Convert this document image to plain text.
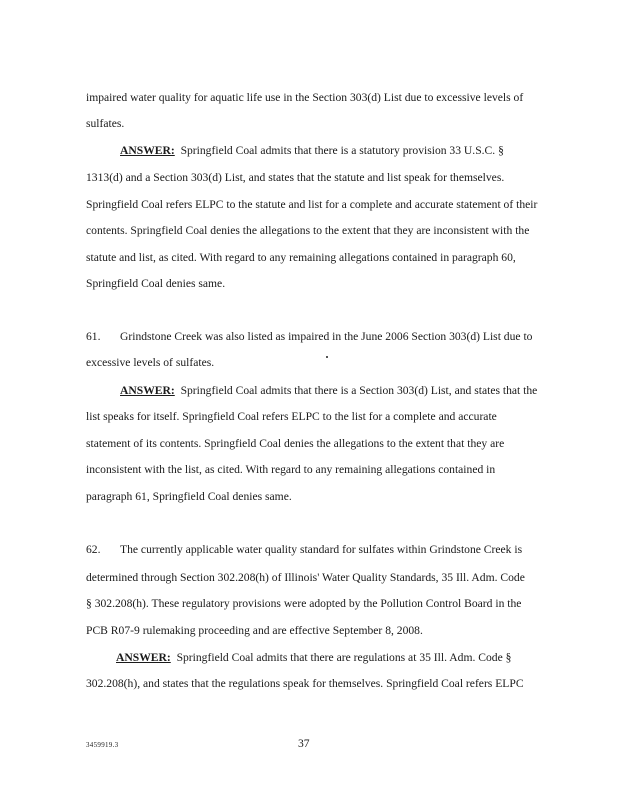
impaired water quality for aquatic life use in the Section 303(d) List due to excessive levels of
sulfates.
ANSWER: Springfield Coal admits that there is a statutory provision 33 U.S.C. §
1313(d) and a Section 303(d) List, and states that the statute and list speak for themselves.
Springfield Coal refers ELPC to the statute and list for a complete and accurate statement of their
contents. Springfield Coal denies the allegations to the extent that they are inconsistent with the
statute and list, as cited. With regard to any remaining allegations contained in paragraph 60,
Springfield Coal denies same.
61. Grindstone Creek was also listed as impaired in the June 2006 Section 303(d) List due to
excessive levels of sulfates.
ANSWER: Springfield Coal admits that there is a Section 303(d) List, and states that the
list speaks for itself. Springfield Coal refers ELPC to the list for a complete and accurate
statement of its contents. Springfield Coal denies the allegations to the extent that they are
inconsistent with the list, as cited. With regard to any remaining allegations contained in
paragraph 61, Springfield Coal denies same.
62. The currently applicable water quality standard for sulfates within Grindstone Creek is
determined through Section 302.208(h) of Illinois' Water Quality Standards, 35 Ill. Adm. Code
§ 302.208(h). These regulatory provisions were adopted by the Pollution Control Board in the
PCB R07-9 rulemaking proceeding and are effective September 8, 2008.
ANSWER: Springfield Coal admits that there are regulations at 35 Ill. Adm. Code §
302.208(h), and states that the regulations speak for themselves. Springfield Coal refers ELPC
3459919.3	37
